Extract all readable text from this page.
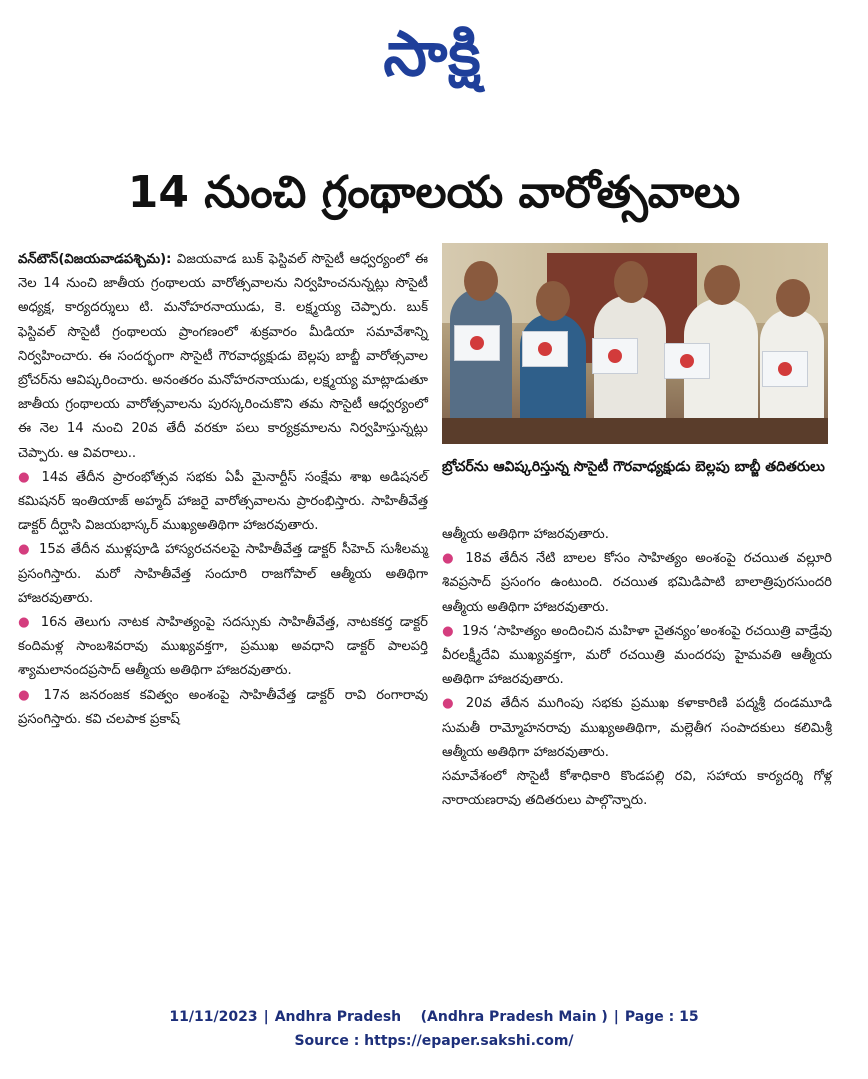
సాక్షి
14 నుంచి గ్రంథాలయ వారోత్సవాలు

వన్‌టౌన్‌(విజయవాడపశ్చిమ): విజయవాడ బుక్‌ ఫెస్టివల్‌ సొసైటీ ఆధ్వర్యంలో ఈ నెల 14 నుంచి జాతీయ గ్రంథాలయ వారోత్సవాలను నిర్వహించనున్నట్లు సొసైటీ అధ్యక్ష, కార్యదర్శులు టి. మనోహరనాయుడు, కె. లక్ష్మయ్య చెప్పారు. బుక్‌ ఫెస్టివల్‌ సొసైటీ గ్రంథాలయ ప్రాంగణంలో శుక్రవారం మీడియా సమావేశాన్ని నిర్వహించారు. ఈ సందర్భంగా సొసైటీ గౌరవాధ్యక్షుడు బెల్లపు బాబ్జీ వారోత్సవాల బ్రోచర్‌ను ఆవిష్కరించారు. అనంతరం మనోహరనాయుడు, లక్ష్మయ్య మాట్లాడుతూ జాతీయ గ్రంథాలయ వారోత్సవాలను పురస్కరించుకొని తమ సొసైటీ ఆధ్వర్యంలో ఈ నెల 14 నుంచి 20వ తేదీ వరకూ పలు కార్యక్రమాలను నిర్వహిస్తున్నట్లు చెప్పారు. ఆ వివరాలు..

● 14వ తేదీన ప్రారంభోత్సవ సభకు ఏపీ మైనార్టీస్‌ సంక్షేమ శాఖ అడిషనల్‌ కమిషనర్‌ ఇంతియాజ్‌ అహ్మద్‌ హాజరై వారోత్సవాలను ప్రారంభిస్తారు. సాహితీవేత్త డాక్టర్‌ దీర్ఘాసి విజయభాస్కర్‌ ముఖ్యఅతిథిగా హాజరవుతారు.

● 15వ తేదీన ముళ్లపూడి హాస్యరచనలపై సాహితీవేత్త డాక్టర్‌ సీహెచ్‌ సుశీలమ్మ ప్రసంగిస్తారు. మరో సాహితీవేత్త సందూరి రాజగోపాల్‌ ఆత్మీయ అతిథిగా హాజరవుతారు.

● 16న తెలుగు నాటక సాహిత్యంపై సదస్సుకు సాహితీవేత్త, నాటకకర్త డాక్టర్‌ కందిమళ్ల సాంబశివరావు ముఖ్యవక్తగా, ప్రముఖ అవధాని డాక్టర్‌ పాలపర్తి శ్యామలానందప్రసాద్‌ ఆత్మీయ అతిథిగా హాజరవుతారు.

● 17న జనరంజక కవిత్వం అంశంపై సాహితీవేత్త డాక్టర్‌ రావి రంగారావు ప్రసంగిస్తారు. కవి చలపాక ప్రకాష్‌

బ్రోచర్‌ను ఆవిష్కరిస్తున్న సొసైటీ గౌరవాధ్యక్షుడు బెల్లపు బాబ్జీ తదితరులు

ఆత్మీయ అతిథిగా హాజరవుతారు.

● 18వ తేదీన నేటి బాలల కోసం సాహిత్యం అంశంపై రచయిత వల్లూరి శివప్రసాద్‌ ప్రసంగం ఉంటుంది. రచయిత భమిడిపాటి బాలాత్రిపురసుందరి ఆత్మీయ అతిథిగా హాజరవుతారు.

● 19న ‘సాహిత్యం అందించిన మహిళా చైతన్యం’అంశంపై రచయిత్రి వాడ్రేవు వీరలక్ష్మీదేవి ముఖ్యవక్తగా, మరో రచయిత్రి మందరపు హైమవతి ఆత్మీయ అతిథిగా హాజరవుతారు.

● 20వ తేదీన ముగింపు సభకు ప్రముఖ కళాకారిణి పద్మశ్రీ దండమూడి సుమతీ రామ్మోహనరావు ముఖ్యఅతిథిగా, మల్లెతీగ సంపాదకులు కలిమిశ్రీ ఆత్మీయ అతిథిగా హాజరవుతారు.

సమావేశంలో సొసైటీ కోశాధికారి కొండపల్లి రవి, సహాయ కార్యదర్శి గోళ్ల నారాయణరావు తదితరులు పాల్గొన్నారు.

11/11/2023 | Andhra Pradesh (Andhra Pradesh Main ) | Page : 15
Source : https://epaper.sakshi.com/
